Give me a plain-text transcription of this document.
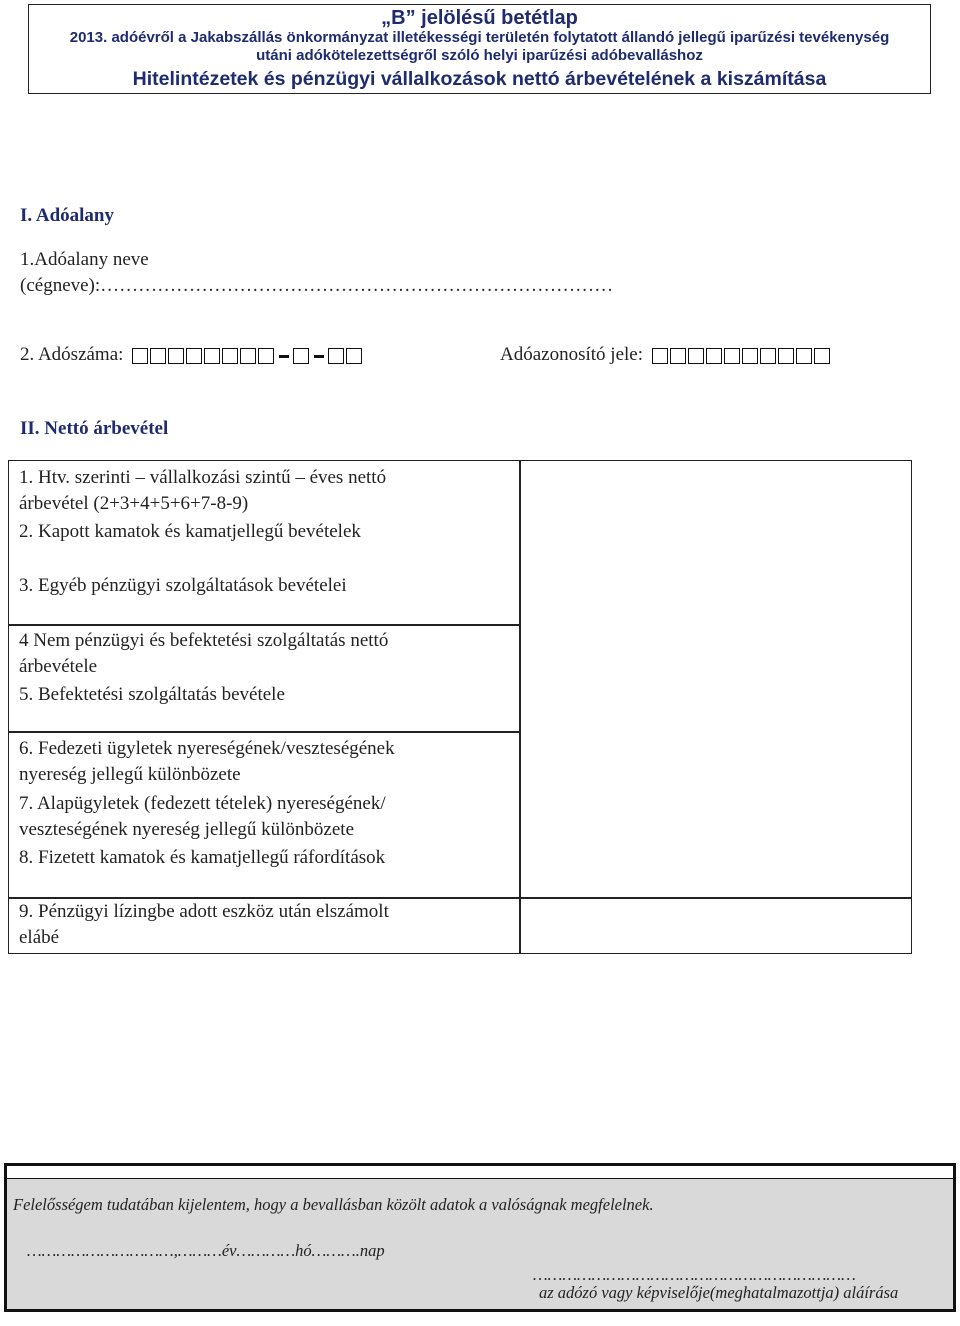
„B” jelölésű betétlap
2013. adóévről a Jakabszállás önkormányzat illetékességi területén folytatott állandó jellegű iparűzési tevékenység
utáni adókötelezettségről szóló helyi iparűzési adóbevalláshoz
Hitelintézetek és pénzügyi vállalkozások nettó árbevételének a kiszámítása
I. Adóalany
1.Adóalany neve
(cégneve):………………………………………………………………………
2. Adószáma:	Adóazonosító jele:
II. Nettó árbevétel
1. Htv. szerinti – vállalkozási szintű – éves nettó
árbevétel (2+3+4+5+6+7-8-9)
2. Kapott kamatok és kamatjellegű bevételek
3. Egyéb pénzügyi szolgáltatások bevételei
4 Nem pénzügyi és befektetési szolgáltatás nettó
árbevétele
5. Befektetési szolgáltatás bevétele
6. Fedezeti ügyletek nyereségének/veszteségének
nyereség jellegű különbözete
7. Alapügyletek (fedezett tételek) nyereségének/
veszteségének nyereség jellegű különbözete
8. Fizetett kamatok és kamatjellegű ráfordítások
9. Pénzügyi lízingbe adott eszköz után elszámolt
elábé
Felelősségem tudatában kijelentem, hogy a bevallásban közölt adatok a valóságnak megfelelnek.
…………………………,………év…………hó……….nap
…………………………………………………………
az adózó vagy képviselője(meghatalmazottja) aláírása
